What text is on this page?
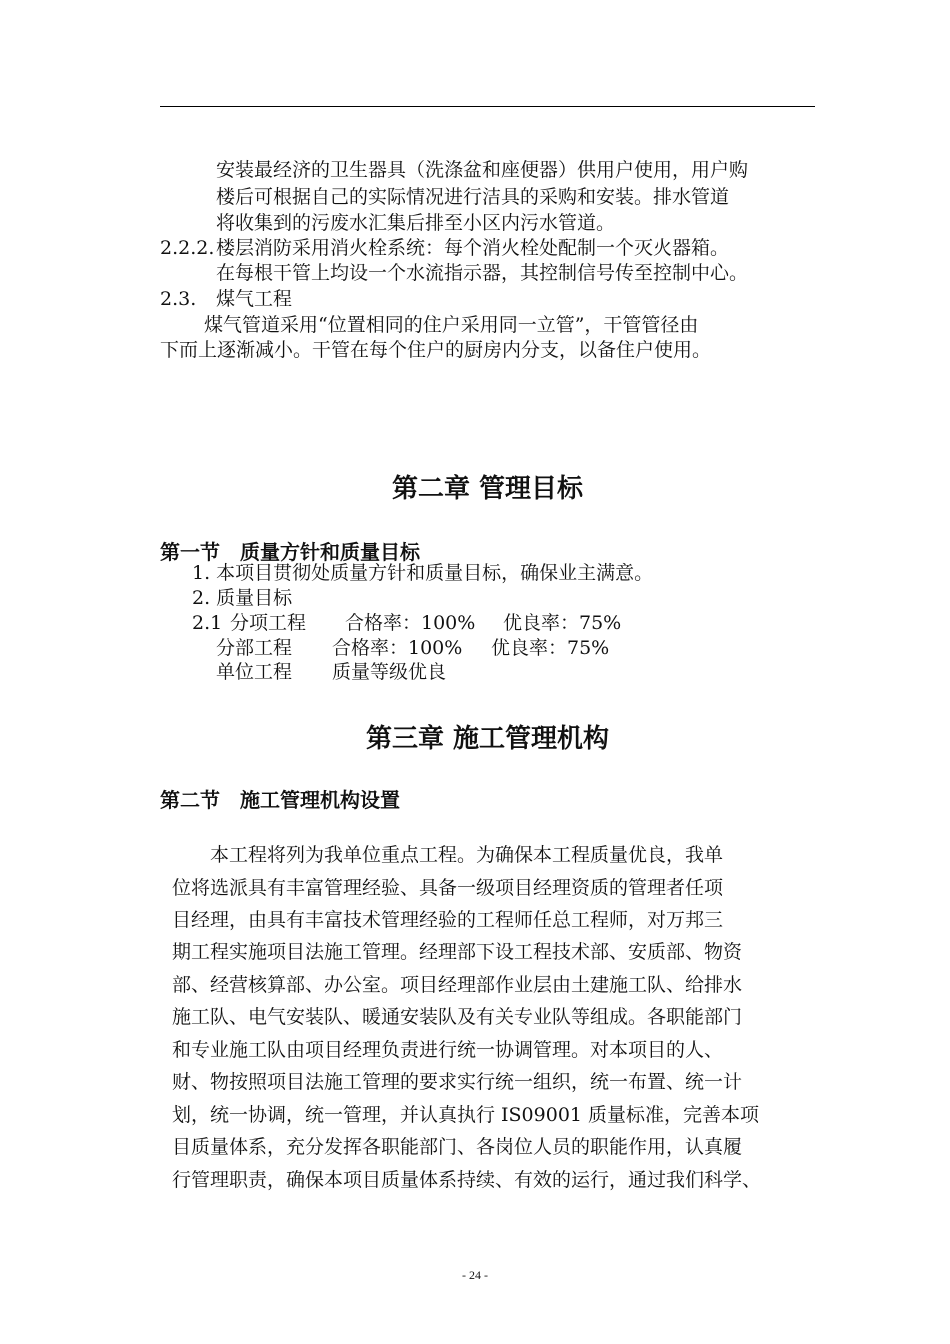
安装最经济的卫生器具（洗涤盆和座便器）供用户使用，用户购
楼后可根据自己的实际情况进行洁具的采购和安装。排水管道
将收集到的污废水汇集后排至小区内污水管道。
2.2.2. 楼层消防采用消火栓系统：每个消火栓处配制一个灭火器箱。
在每根干管上均设一个水流指示器，其控制信号传至控制中心。
2.3. 煤气工程
煤气管道采用“位置相同的住户采用同一立管”，干管管径由
下而上逐渐减小。干管在每个住户的厨房内分支，以备住户使用。
第二章 管理目标
第一节　质量方针和质量目标
1. 本项目贯彻处质量方针和质量目标，确保业主满意。
2. 质量目标
2.1 分项工程 合格率：100% 优良率：75%
分部工程 合格率：100% 优良率：75%
单位工程 质量等级优良
第三章 施工管理机构
第二节　施工管理机构设置
　　本工程将列为我单位重点工程。为确保本工程质量优良，我单
位将选派具有丰富管理经验、具备一级项目经理资质的管理者任项
目经理，由具有丰富技术管理经验的工程师任总工程师，对万邦三
期工程实施项目法施工管理。经理部下设工程技术部、安质部、物资
部、经营核算部、办公室。项目经理部作业层由土建施工队、给排水
施工队、电气安装队、暖通安装队及有关专业队等组成。各职能部门
和专业施工队由项目经理负责进行统一协调管理。对本项目的人、
财、物按照项目法施工管理的要求实行统一组织，统一布置、统一计
划，统一协调，统一管理，并认真执行 IS09001 质量标准，完善本项
目质量体系，充分发挥各职能部门、各岗位人员的职能作用，认真履
行管理职责，确保本项目质量体系持续、有效的运行，通过我们科学、
- 24 -
